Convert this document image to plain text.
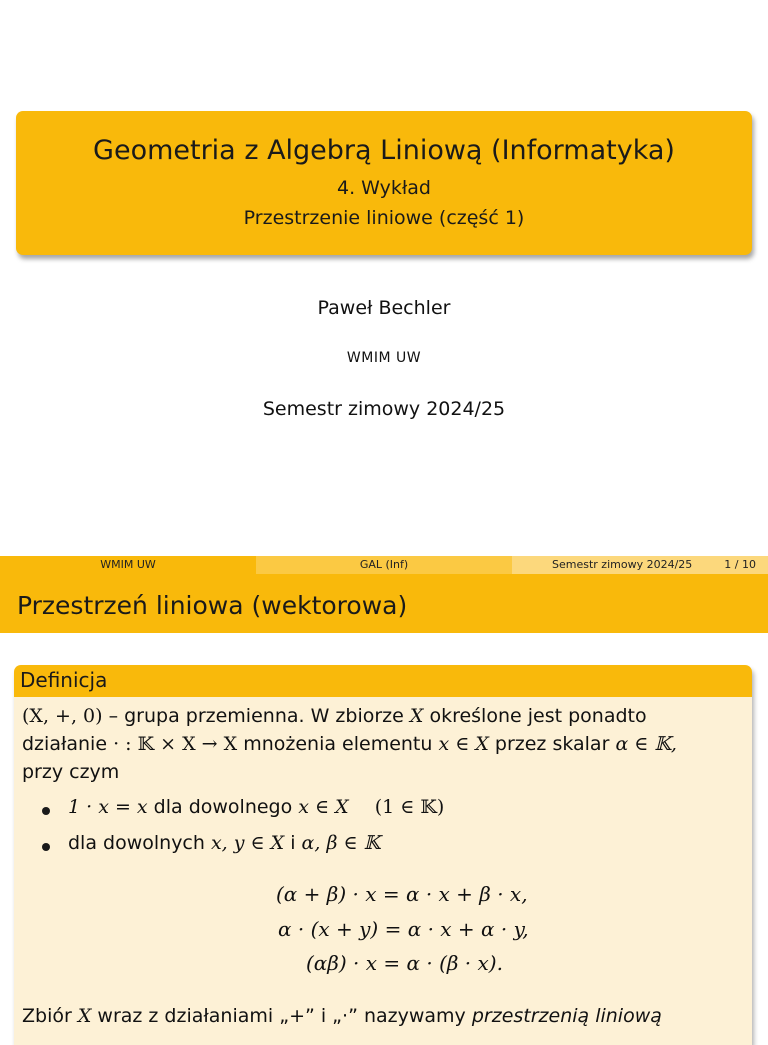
Geometria z Algebrą Liniową (Informatyka)
4. Wykład
Przestrzenie liniowe (część 1)
Paweł Bechler
WMIM UW
Semestr zimowy 2024/25
WMIM UW	GAL (Inf)	Semestr zimowy 2024/25	1 / 10
Przestrzeń liniowa (wektorowa)
Definicja
(X, +, 0) – grupa przemienna. W zbiorze X określone jest ponadto
działanie · : 𝕂 × X → X mnożenia elementu x ∈ X przez skalar α ∈ 𝕂,
przy czym
1 · x = x dla dowolnego x ∈ X (1 ∈ 𝕂)
dla dowolnych x, y ∈ X i α, β ∈ 𝕂
(α + β) · x = α · x + β · x,
α · (x + y) = α · x + α · y,
(αβ) · x = α · (β · x).
Zbiór X wraz z działaniami „+” i „·” nazywamy przestrzenią liniową
